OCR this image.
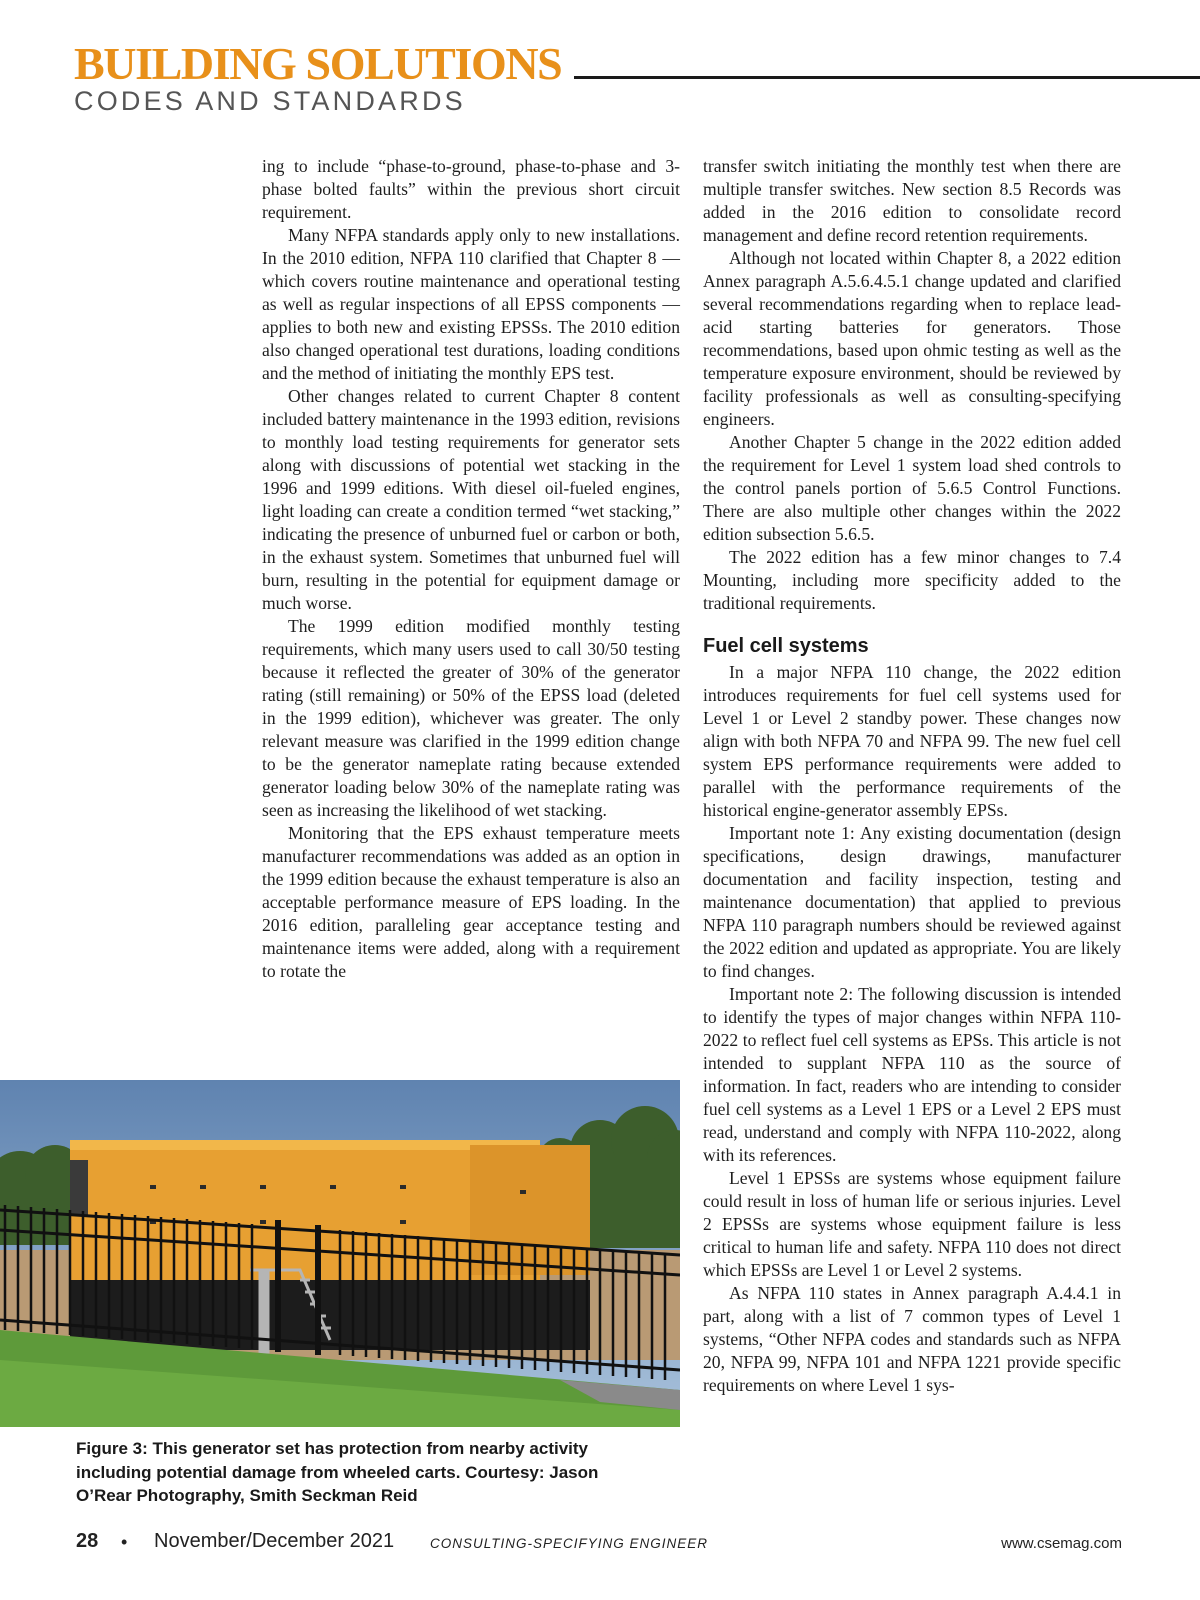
BUILDING SOLUTIONS
CODES AND STANDARDS

ing to include “phase-to-ground, phase-to-phase and 3-phase bolted faults” within the previous short circuit requirement.

Many NFPA standards apply only to new installations. In the 2010 edition, NFPA 110 clarified that Chapter 8 — which covers routine maintenance and operational testing as well as regular inspections of all EPSS components — applies to both new and existing EPSSs. The 2010 edition also changed operational test durations, loading conditions and the method of initiating the monthly EPS test.

Other changes related to current Chapter 8 content included battery maintenance in the 1993 edition, revisions to monthly load testing requirements for generator sets along with discussions of potential wet stacking in the 1996 and 1999 editions. With diesel oil-fueled engines, light loading can create a condition termed “wet stacking,” indicating the presence of unburned fuel or carbon or both, in the exhaust system. Sometimes that unburned fuel will burn, resulting in the potential for equipment damage or much worse.

The 1999 edition modified monthly testing requirements, which many users used to call 30/50 testing because it reflected the greater of 30% of the generator rating (still remaining) or 50% of the EPSS load (deleted in the 1999 edition), whichever was greater. The only relevant measure was clarified in the 1999 edition change to be the generator nameplate rating because extended generator loading below 30% of the nameplate rating was seen as increasing the likelihood of wet stacking.

Monitoring that the EPS exhaust temperature meets manufacturer recommendations was added as an option in the 1999 edition because the exhaust temperature is also an acceptable performance measure of EPS loading. In the 2016 edition, paralleling gear acceptance testing and maintenance items were added, along with a requirement to rotate the

transfer switch initiating the monthly test when there are multiple transfer switches. New section 8.5 Records was added in the 2016 edition to consolidate record management and define record retention requirements.

Although not located within Chapter 8, a 2022 edition Annex paragraph A.5.6.4.5.1 change updated and clarified several recommendations regarding when to replace lead-acid starting batteries for generators. Those recommendations, based upon ohmic testing as well as the temperature exposure environment, should be reviewed by facility professionals as well as consulting-specifying engineers.

Another Chapter 5 change in the 2022 edition added the requirement for Level 1 system load shed controls to the control panels portion of 5.6.5 Control Functions. There are also multiple other changes within the 2022 edition subsection 5.6.5.

The 2022 edition has a few minor changes to 7.4 Mounting, including more specificity added to the traditional requirements.

Fuel cell systems

In a major NFPA 110 change, the 2022 edition introduces requirements for fuel cell systems used for Level 1 or Level 2 standby power. These changes now align with both NFPA 70 and NFPA 99. The new fuel cell system EPS performance requirements were added to parallel with the performance requirements of the historical engine-generator assembly EPSs.

Important note 1: Any existing documentation (design specifications, design drawings, manufacturer documentation and facility inspection, testing and maintenance documentation) that applied to previous NFPA 110 paragraph numbers should be reviewed against the 2022 edition and updated as appropriate. You are likely to find changes.

Important note 2: The following discussion is intended to identify the types of major changes within NFPA 110-2022 to reflect fuel cell systems as EPSs. This article is not intended to supplant NFPA 110 as the source of information. In fact, readers who are intending to consider fuel cell systems as a Level 1 EPS or a Level 2 EPS must read, understand and comply with NFPA 110-2022, along with its references.

Level 1 EPSSs are systems whose equipment failure could result in loss of human life or serious injuries. Level 2 EPSSs are systems whose equipment failure is less critical to human life and safety. NFPA 110 does not direct which EPSSs are Level 1 or Level 2 systems.

As NFPA 110 states in Annex paragraph A.4.4.1 in part, along with a list of 7 common types of Level 1 systems, “Other NFPA codes and standards such as NFPA 20, NFPA 99, NFPA 101 and NFPA 1221 provide specific requirements on where Level 1 sys-

Figure 3: This generator set has protection from nearby activity including potential damage from wheeled carts. Courtesy: Jason O’Rear Photography, Smith Seckman Reid
28 • November/December 2021	CONSULTING-SPECIFYING ENGINEER	www.csemag.com
